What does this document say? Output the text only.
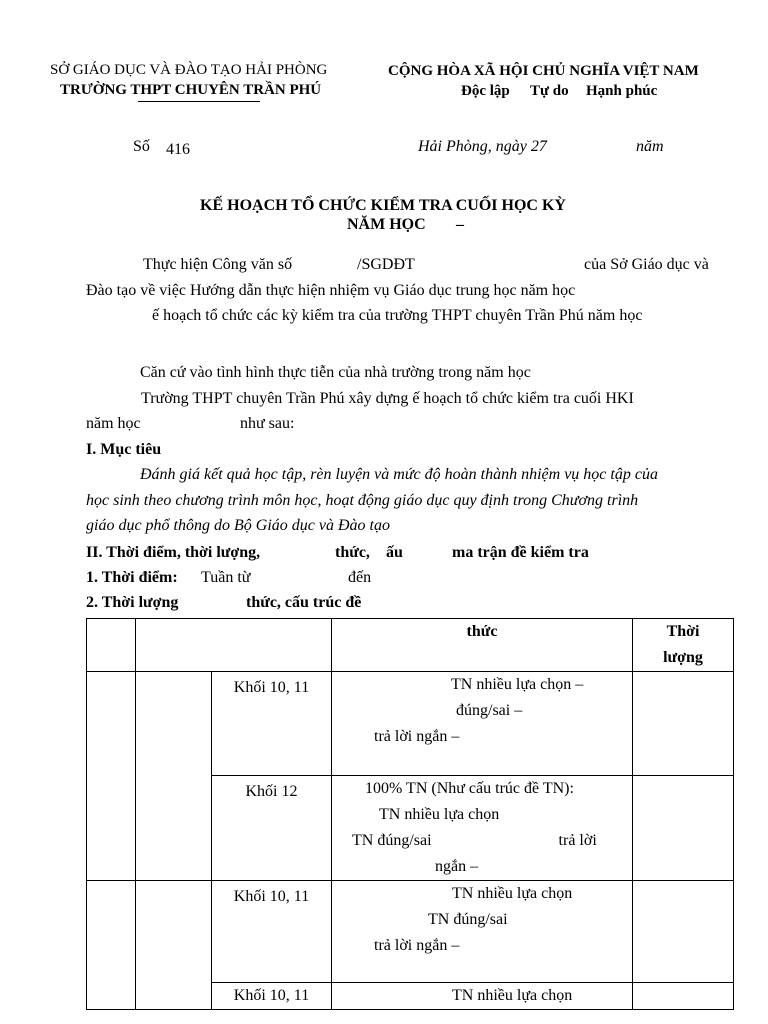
SỞ GIÁO DỤC VÀ ĐÀO TẠO HẢI PHÒNG
TRƯỜNG THPT CHUYÊN TRẦN PHÚ
CỘNG HÒA XÃ HỘI CHỦ NGHĨA VIỆT NAM
Độc lập Tự do Hạnh phúc
Số 416	Hải Phòng, ngày 27	năm
KẾ HOẠCH TỔ CHỨC KIỂM TRA CUỐI HỌC KỲ
NĂM HỌC –
Thực hiện Công văn số	/SGDĐT	của Sở Giáo dục và
Đào tạo về việc Hướng dẫn thực hiện nhiệm vụ Giáo dục trung học năm học
ế hoạch tổ chức các kỳ kiểm tra của trường THPT chuyên Trần Phú năm học
Căn cứ vào tình hình thực tiễn của nhà trường trong năm học
Trường THPT chuyên Trần Phú xây dựng ế hoạch tổ chức kiểm tra cuối HKI
năm học	như sau:
I. Mục tiêu
Đánh giá kết quả học tập, rèn luyện và mức độ hoàn thành nhiệm vụ học tập của
học sinh theo chương trình môn học, hoạt động giáo dục quy định trong Chương trình
giáo dục phổ thông do Bộ Giáo dục và Đào tạo
II. Thời điểm, thời lượng,	thức, ấu	ma trận đề kiểm tra
1. Thời điểm: Tuần từ	đến
2. Thời lượng	thức, cấu trúc đề
			thức	Thời
lượng

		Khối 10, 11	TN nhiều lựa chọn –
đúng/sai –
trả lời ngắn –	

		Khối 12	100% TN (Như cấu trúc đề TN):
TN nhiều lựa chọn
TN đúng/sai trả lời
ngắn –	

		Khối 10, 11	TN nhiều lựa chọn
TN đúng/sai
trả lời ngắn –	

		Khối 10, 11	TN nhiều lựa chọn	
